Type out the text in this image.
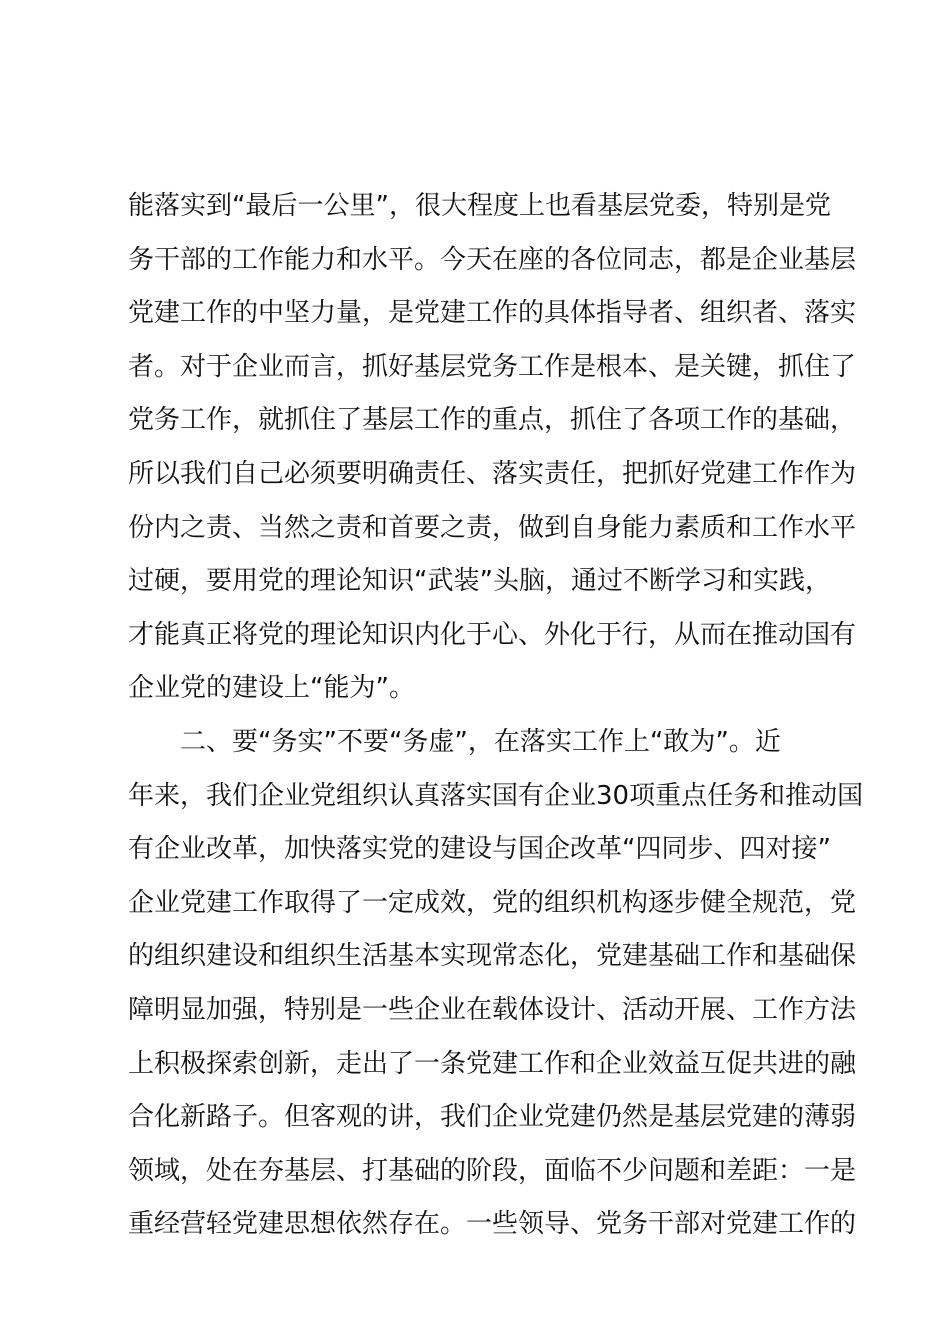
能落实到“最后一公里”，很大程度上也看基层党委，特别是党
务干部的工作能力和水平。今天在座的各位同志，都是企业基层
党建工作的中坚力量，是党建工作的具体指导者、组织者、落实
者。对于企业而言，抓好基层党务工作是根本、是关键，抓住了
党务工作，就抓住了基层工作的重点，抓住了各项工作的基础，
所以我们自己必须要明确责任、落实责任，把抓好党建工作作为
份内之责、当然之责和首要之责，做到自身能力素质和工作水平
过硬，要用党的理论知识“武装”头脑，通过不断学习和实践，
才能真正将党的理论知识内化于心、外化于行，从而在推动国有
企业党的建设上“能为”。
　　二、要“务实”不要“务虚”，在落实工作上“敢为”。近
年来，我们企业党组织认真落实国有企业30项重点任务和推动国
有企业改革，加快落实党的建设与国企改革“四同步、四对接”
企业党建工作取得了一定成效，党的组织机构逐步健全规范，党
的组织建设和组织生活基本实现常态化，党建基础工作和基础保
障明显加强，特别是一些企业在载体设计、活动开展、工作方法
上积极探索创新，走出了一条党建工作和企业效益互促共进的融
合化新路子。但客观的讲，我们企业党建仍然是基层党建的薄弱
领域，处在夯基层、打基础的阶段，面临不少问题和差距：一是
重经营轻党建思想依然存在。一些领导、党务干部对党建工作的
